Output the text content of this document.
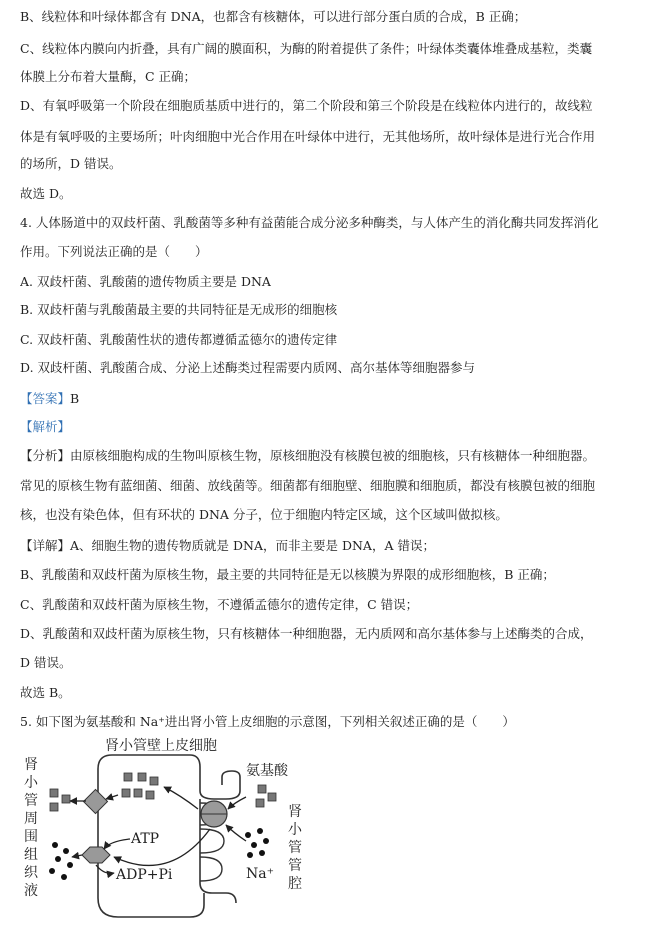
B、线粒体和叶绿体都含有 DNA，也都含有核糖体，可以进行部分蛋白质的合成，B 正确；
C、线粒体内膜向内折叠，具有广阔的膜面积，为酶的附着提供了条件；叶绿体类囊体堆叠成基粒，类囊
体膜上分布着大量酶，C 正确；
D、有氧呼吸第一个阶段在细胞质基质中进行的，第二个阶段和第三个阶段是在线粒体内进行的，故线粒
体是有氧呼吸的主要场所；叶肉细胞中光合作用在叶绿体中进行，无其他场所，故叶绿体是进行光合作用
的场所，D 错误。
故选 D。
4. 人体肠道中的双歧杆菌、乳酸菌等多种有益菌能合成分泌多种酶类，与人体产生的消化酶共同发挥消化
作用。下列说法正确的是（　　）
A. 双歧杆菌、乳酸菌的遗传物质主要是 DNA
B. 双歧杆菌与乳酸菌最主要的共同特征是无成形的细胞核
C. 双歧杆菌、乳酸菌性状的遗传都遵循孟德尔的遗传定律
D. 双歧杆菌、乳酸菌合成、分泌上述酶类过程需要内质网、高尔基体等细胞器参与
【答案】B
【解析】
【分析】由原核细胞构成的生物叫原核生物，原核细胞没有核膜包被的细胞核，只有核糖体一种细胞器。
常见的原核生物有蓝细菌、细菌、放线菌等。细菌都有细胞壁、细胞膜和细胞质，都没有核膜包被的细胞
核，也没有染色体，但有环状的 DNA 分子，位于细胞内特定区域，这个区域叫做拟核。
【详解】A、细胞生物的遗传物质就是 DNA，而非主要是 DNA，A 错误；
B、乳酸菌和双歧杆菌为原核生物，最主要的共同特征是无以核膜为界限的成形细胞核，B 正确；
C、乳酸菌和双歧杆菌为原核生物，不遵循孟德尔的遗传定律，C 错误；
D、乳酸菌和双歧杆菌为原核生物，只有核糖体一种细胞器，无内质网和高尔基体参与上述酶类的合成，
D 错误。
故选 B。
5. 如下图为氨基酸和 Na⁺进出肾小管上皮细胞的示意图，下列相关叙述正确的是（　　）
肾小管壁上皮细胞
肾
小
管
周
围
组
织
液
肾
小
管
管
腔
ATP
ADP+Pi
氨基酸
Na⁺
